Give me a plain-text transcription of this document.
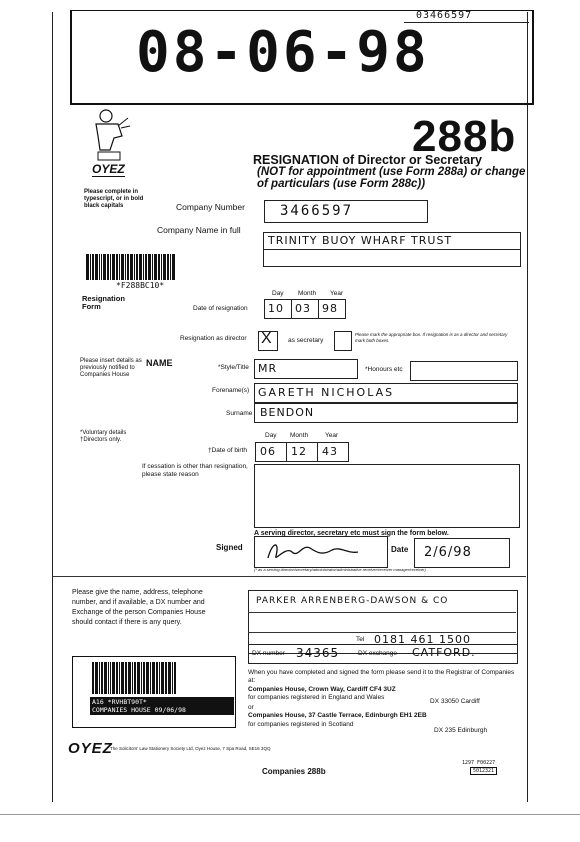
03466597
08-06-98
OYEZ
Please complete in typescript, or in bold black capitals
288b
RESIGNATION of Director or Secretary
(NOT for appointment (use Form 288a) or change of particulars (use Form 288c))
Company Number	3466597
Company Name in full
TRINITY BUOY WHARF TRUST
*F288BC10*
Resignation Form
Day Month Year
Date of resignation 10 03 98
Resignation as director X	as secretary
Please mark the appropriate box. If resignation is as a director and secretary mark both boxes.
Please insert details as previously notified to Companies House
NAME	*Style/Title MR	*Honours etc
Forename(s) GARETH NICHOLAS
Surname BENDON
*Voluntary details †Directors only.
Day Month	Year
†Date of birth 06 12 43
If cessation is other than resignation, please state reason
A serving director, secretary etc must sign the form below.
Signed	Date 2/6/98
(* as a serving director/secretary/administrator/administrative receiver/receiver manager/receiver)
Please give the name, address, telephone number, and if available, a DX number and Exchange of the person Companies House should contact if there is any query.
PARKER ARRENBERG-DAWSON & CO
Tel 0181 461 1500
DX number 34365	DX exchange CATFORD.
A16 *RVHBT90T*
COMPANIES HOUSE 09/06/98
When you have completed and signed the form please send it to the Registrar of Companies at:
Companies House, Crown Way, Cardiff CF4 3UZ
for companies registered in England and Wales
DX 33050 Cardiff
or
Companies House, 37 Castle Terrace, Edinburgh EH1 2EB
for companies registered in Scotland
DX 235 Edinburgh
OYEZ
The Solicitors' Law Stationery Society Ltd, Oyez House, 7 Spa Road, SE16 3QQ
Companies 288b
1297 F00227
5012321
